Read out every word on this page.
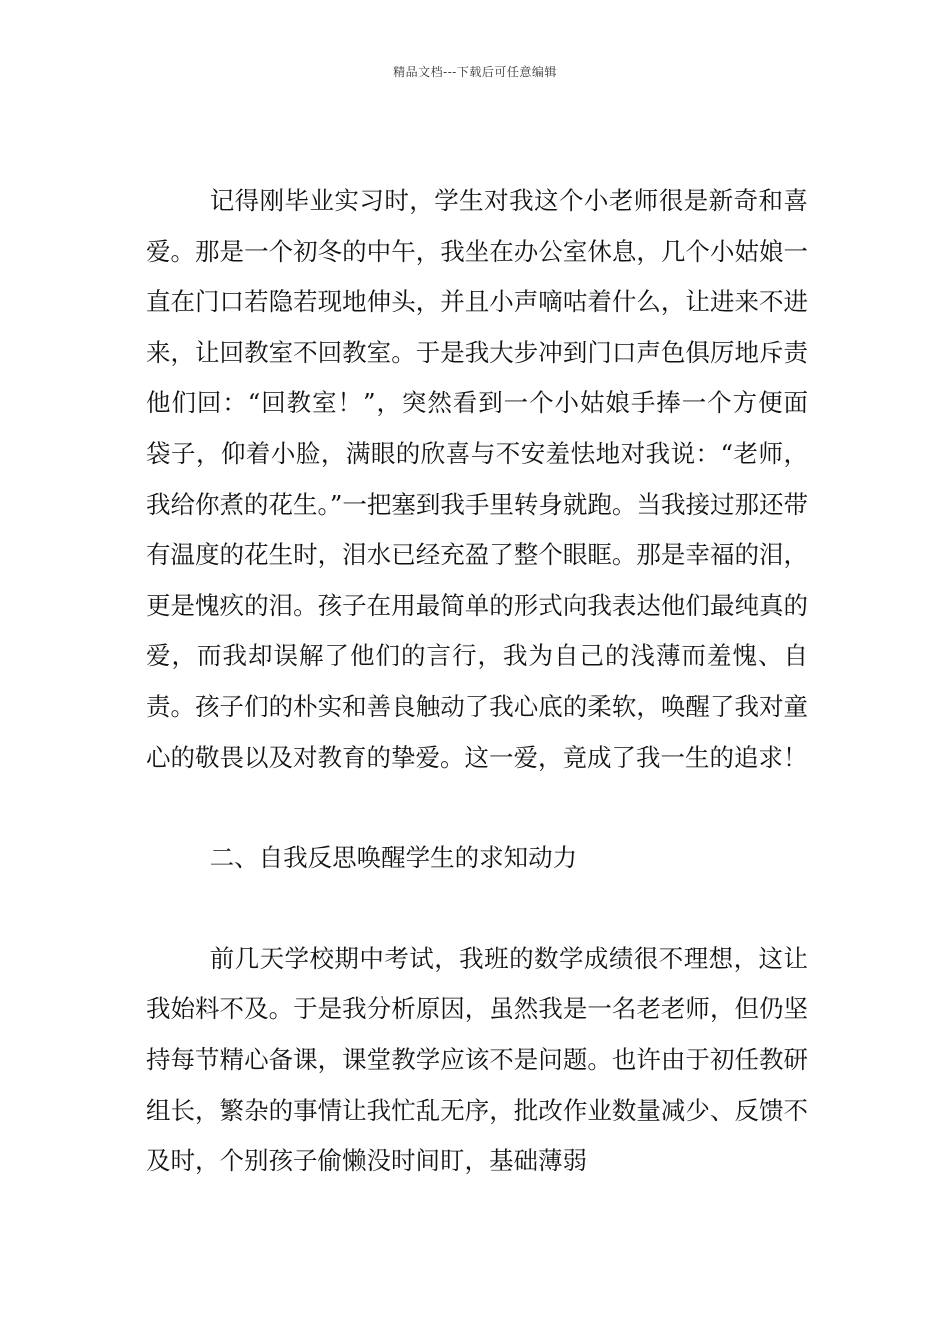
精品文档---下载后可任意编辑

记得刚毕业实习时，学生对我这个小老师很是新奇和喜爱。那是一个初冬的中午，我坐在办公室休息，几个小姑娘一直在门口若隐若现地伸头，并且小声嘀咕着什么，让进来不进来，让回教室不回教室。于是我大步冲到门口声色俱厉地斥责他们回：“回教室！”，突然看到一个小姑娘手捧一个方便面袋子，仰着小脸，满眼的欣喜与不安羞怯地对我说：“老师，我给你煮的花生。”一把塞到我手里转身就跑。当我接过那还带有温度的花生时，泪水已经充盈了整个眼眶。那是幸福的泪，更是愧疚的泪。孩子在用最简单的形式向我表达他们最纯真的爱，而我却误解了他们的言行，我为自己的浅薄而羞愧、自责。孩子们的朴实和善良触动了我心底的柔软，唤醒了我对童心的敬畏以及对教育的挚爱。这一爱，竟成了我一生的追求！

二、自我反思唤醒学生的求知动力

前几天学校期中考试，我班的数学成绩很不理想，这让我始料不及。于是我分析原因，虽然我是一名老老师，但仍坚持每节精心备课，课堂教学应该不是问题。也许由于初任教研组长，繁杂的事情让我忙乱无序，批改作业数量减少、反馈不及时，个别孩子偷懒没时间盯，基础薄弱
